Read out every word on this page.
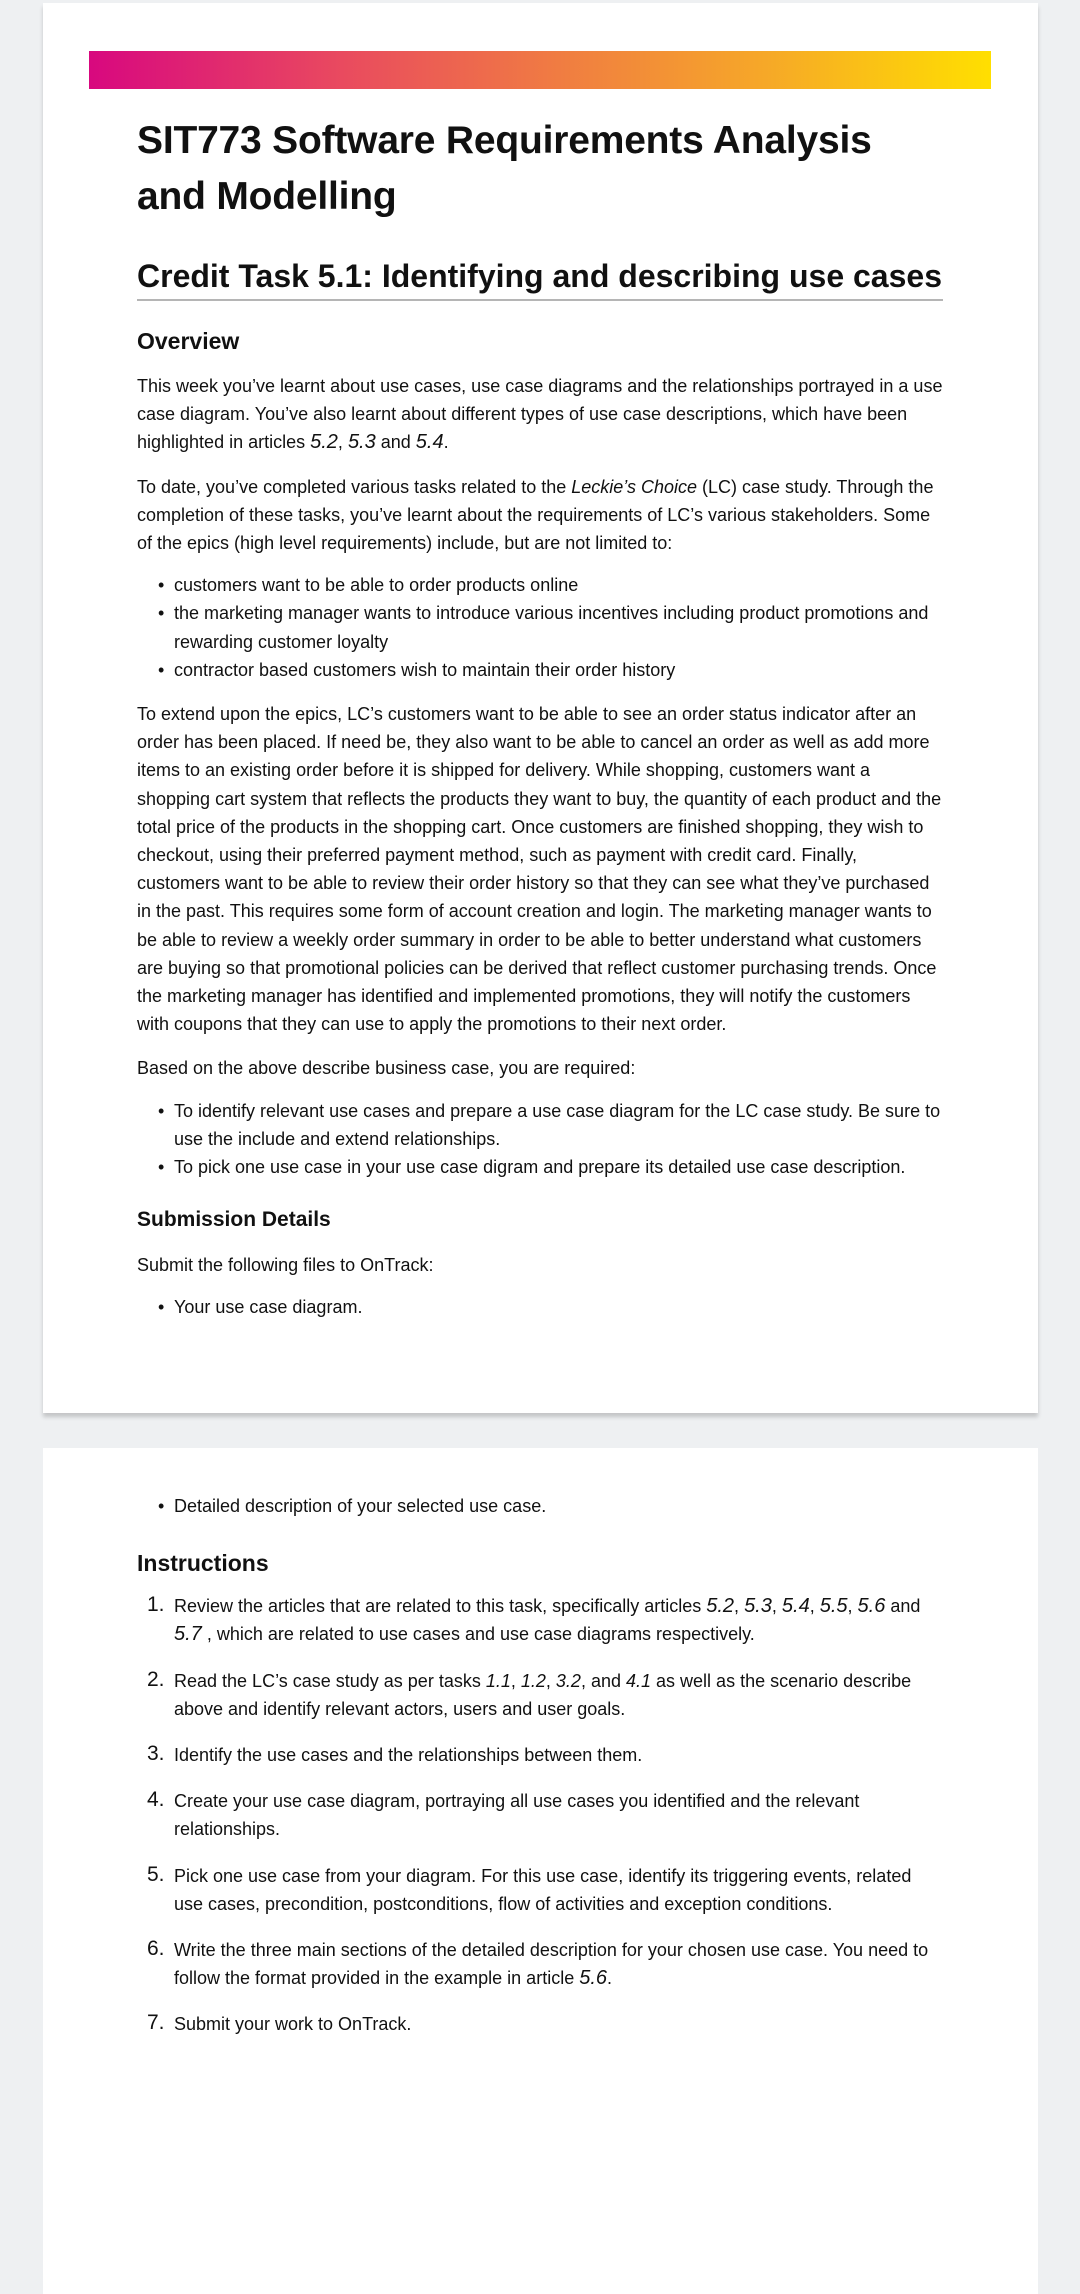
SIT773 Software Requirements Analysis and Modelling
Credit Task 5.1: Identifying and describing use cases
Overview

This week you’ve learnt about use cases, use case diagrams and the relationships portrayed in a use case diagram. You’ve also learnt about different types of use case descriptions, which have been highlighted in articles 5.2, 5.3 and 5.4.

To date, you’ve completed various tasks related to the Leckie’s Choice (LC) case study. Through the completion of these tasks, you’ve learnt about the requirements of LC’s various stakeholders. Some of the epics (high level requirements) include, but are not limited to:

• customers want to be able to order products online
• the marketing manager wants to introduce various incentives including product promotions and rewarding customer loyalty
• contractor based customers wish to maintain their order history

To extend upon the epics, LC’s customers want to be able to see an order status indicator after an order has been placed. If need be, they also want to be able to cancel an order as well as add more items to an existing order before it is shipped for delivery. While shopping, customers want a shopping cart system that reflects the products they want to buy, the quantity of each product and the total price of the products in the shopping cart. Once customers are finished shopping, they wish to checkout, using their preferred payment method, such as payment with credit card. Finally, customers want to be able to review their order history so that they can see what they’ve purchased in the past. This requires some form of account creation and login. The marketing manager wants to be able to review a weekly order summary in order to be able to better understand what customers are buying so that promotional policies can be derived that reflect customer purchasing trends. Once the marketing manager has identified and implemented promotions, they will notify the customers with coupons that they can use to apply the promotions to their next order.

Based on the above describe business case, you are required:

• To identify relevant use cases and prepare a use case diagram for the LC case study. Be sure to use the include and extend relationships.
• To pick one use case in your use case digram and prepare its detailed use case description.
Submission Details

Submit the following files to OnTrack:

• Your use case diagram.
• Detailed description of your selected use case.
Instructions
1. Review the articles that are related to this task, specifically articles 5.2, 5.3, 5.4, 5.5, 5.6 and 5.7 , which are related to use cases and use case diagrams respectively.
2. Read the LC’s case study as per tasks 1.1, 1.2, 3.2, and 4.1 as well as the scenario describe above and identify relevant actors, users and user goals.
3. Identify the use cases and the relationships between them.
4. Create your use case diagram, portraying all use cases you identified and the relevant relationships.
5. Pick one use case from your diagram. For this use case, identify its triggering events, related use cases, precondition, postconditions, flow of activities and exception conditions.
6. Write the three main sections of the detailed description for your chosen use case. You need to follow the format provided in the example in article 5.6.
7. Submit your work to OnTrack.
